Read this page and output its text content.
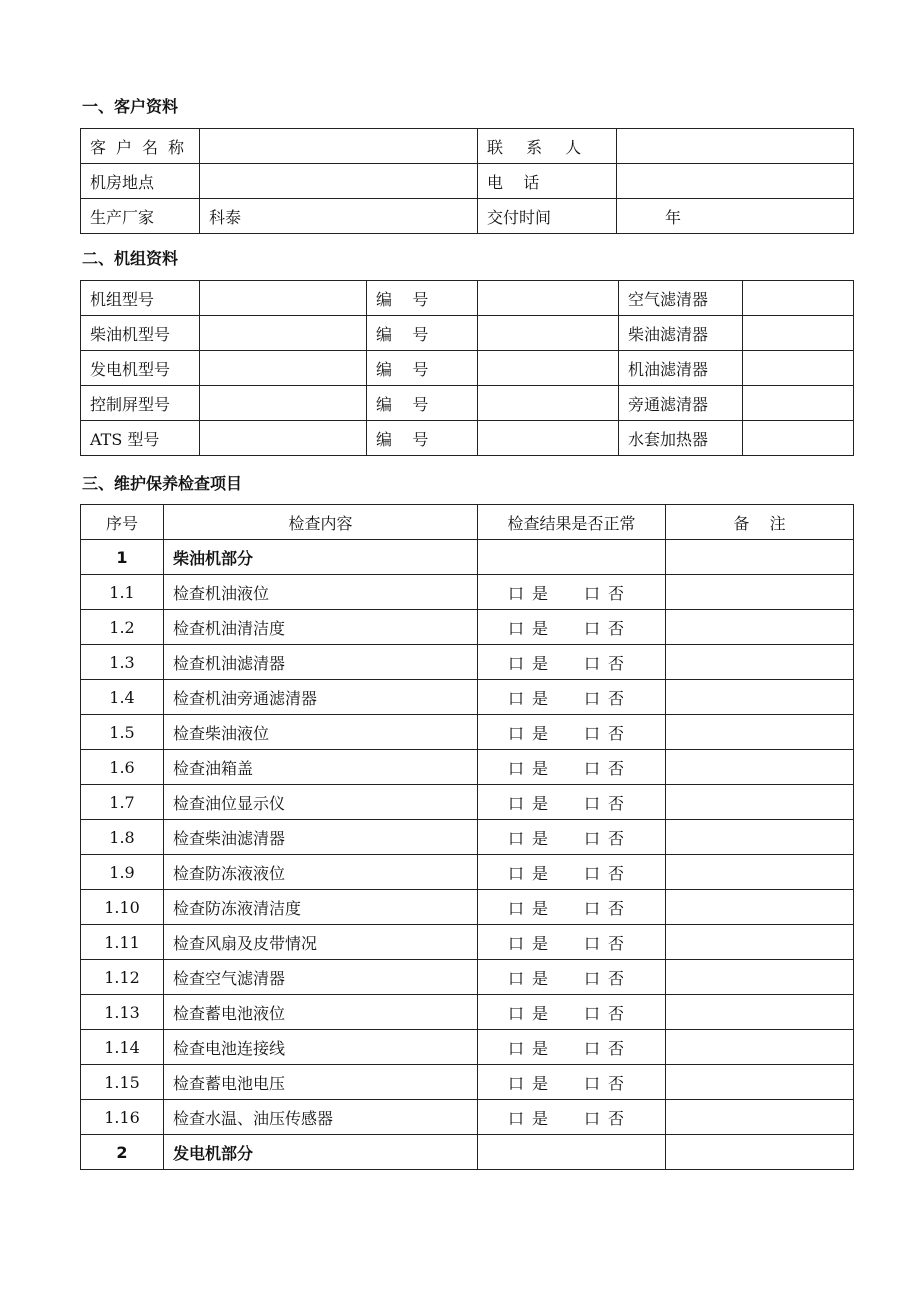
一、客户资料
客户名称		联 系 人	
机房地点		电    话	
生产厂家	科泰	交付时间	年
二、机组资料
机组型号		编    号		空气滤清器	
柴油机型号		编    号		柴油滤清器	
发电机型号		编    号		机油滤清器	
控制屏型号		编    号		旁通滤清器	
ATS 型号		编    号		水套加热器	
三、维护保养检查项目
序号	检查内容	检查结果是否正常	备    注
1	柴油机部分		
1.1	检查机油液位	口 是 口 否	
1.2	检查机油清洁度	口 是 口 否	
1.3	检查机油滤清器	口 是 口 否	
1.4	检查机油旁通滤清器	口 是 口 否	
1.5	检查柴油液位	口 是 口 否	
1.6	检查油箱盖	口 是 口 否	
1.7	检查油位显示仪	口 是 口 否	
1.8	检查柴油滤清器	口 是 口 否	
1.9	检查防冻液液位	口 是 口 否	
1.10	检查防冻液清洁度	口 是 口 否	
1.11	检查风扇及皮带情况	口 是 口 否	
1.12	检查空气滤清器	口 是 口 否	
1.13	检查蓄电池液位	口 是 口 否	
1.14	检查电池连接线	口 是 口 否	
1.15	检查蓄电池电压	口 是 口 否	
1.16	检查水温、油压传感器	口 是 口 否	
2	发电机部分		
